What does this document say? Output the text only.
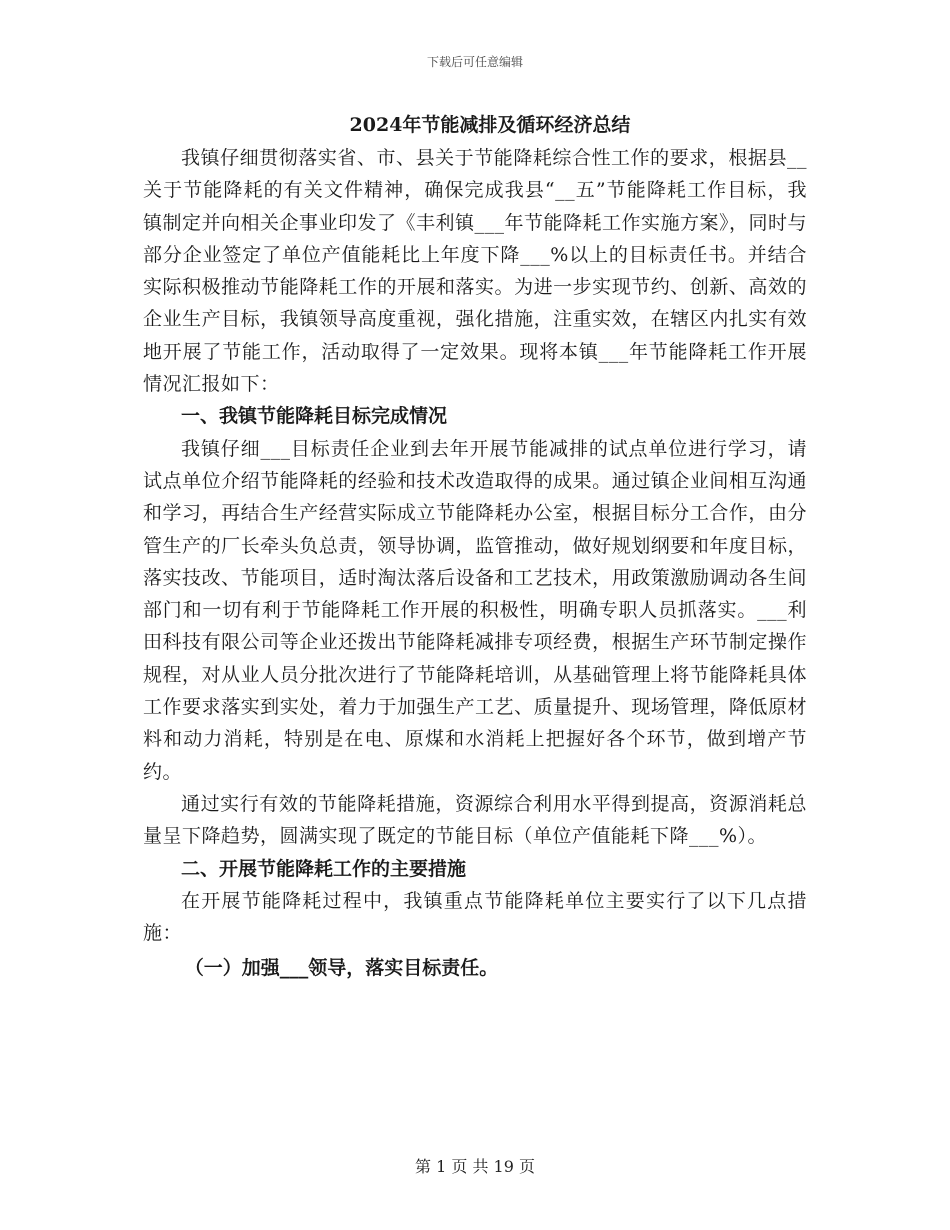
下载后可任意编辑
2024年节能减排及循环经济总结

我镇仔细贯彻落实省、市、县关于节能降耗综合性工作的要求，根据县__关于节能降耗的有关文件精神，确保完成我县“__五”节能降耗工作目标，我镇制定并向相关企事业印发了《丰利镇___年节能降耗工作实施方案》，同时与部分企业签定了单位产值能耗比上年度下降___%以上的目标责任书。并结合实际积极推动节能降耗工作的开展和落实。为进一步实现节约、创新、高效的企业生产目标，我镇领导高度重视，强化措施，注重实效，在辖区内扎实有效地开展了节能工作，活动取得了一定效果。现将本镇___年节能降耗工作开展情况汇报如下：

一、我镇节能降耗目标完成情况

我镇仔细___目标责任企业到去年开展节能减排的试点单位进行学习，请试点单位介绍节能降耗的经验和技术改造取得的成果。通过镇企业间相互沟通和学习，再结合生产经营实际成立节能降耗办公室，根据目标分工合作，由分管生产的厂长牵头负总责，领导协调，监管推动，做好规划纲要和年度目标，落实技改、节能项目，适时淘汰落后设备和工艺技术，用政策激励调动各生间部门和一切有利于节能降耗工作开展的积极性，明确专职人员抓落实。___利田科技有限公司等企业还拨出节能降耗减排专项经费，根据生产环节制定操作规程，对从业人员分批次进行了节能降耗培训，从基础管理上将节能降耗具体工作要求落实到实处，着力于加强生产工艺、质量提升、现场管理，降低原材料和动力消耗，特别是在电、原煤和水消耗上把握好各个环节，做到增产节约。

通过实行有效的节能降耗措施，资源综合利用水平得到提高，资源消耗总量呈下降趋势，圆满实现了既定的节能目标（单位产值能耗下降___%）。

二、开展节能降耗工作的主要措施

在开展节能降耗过程中，我镇重点节能降耗单位主要实行了以下几点措施：

（一）加强___领导，落实目标责任。

第 1 页 共 19 页
